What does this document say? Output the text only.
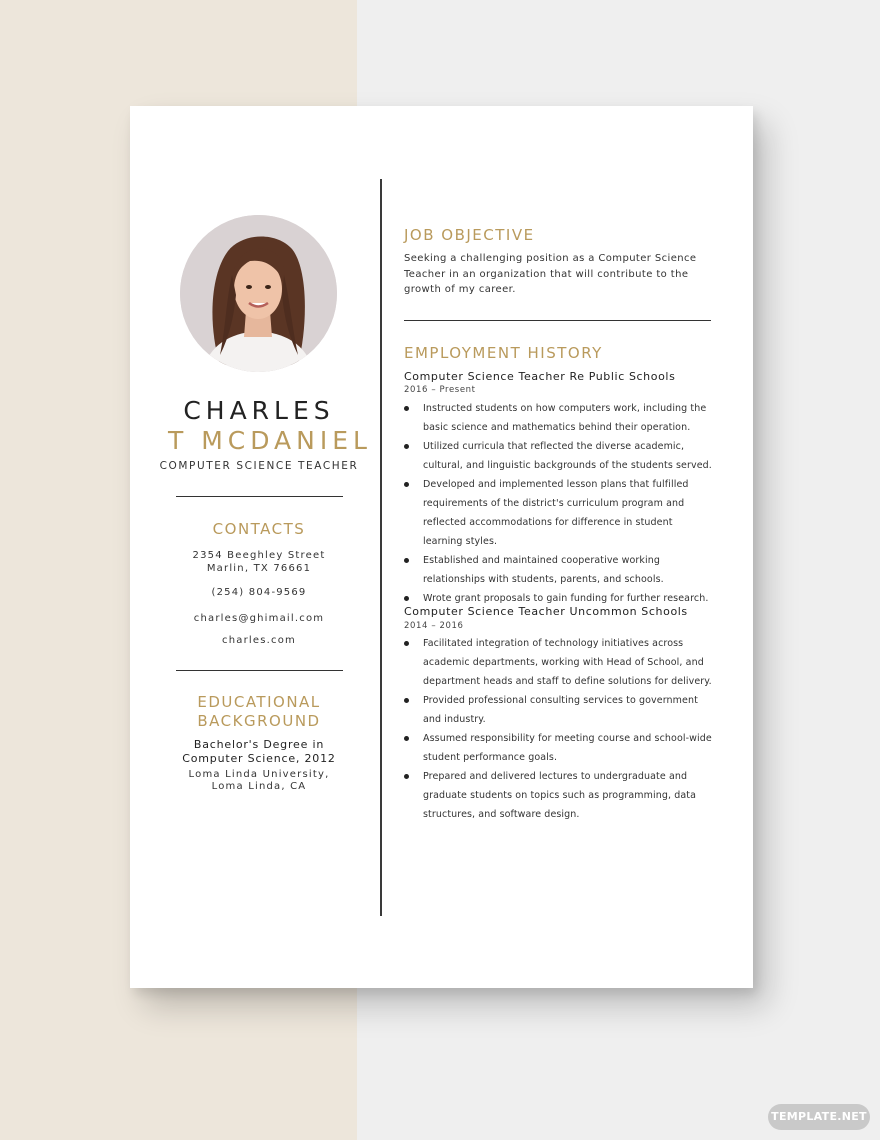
CHARLES
T MCDANIEL
COMPUTER SCIENCE TEACHER
CONTACTS
2354 Beeghley Street
Marlin, TX 76661
(254) 804-9569
charles@ghimail.com
charles.com
EDUCATIONAL
BACKGROUND
Bachelor's Degree in
Computer Science, 2012
Loma Linda University,
Loma Linda, CA
JOB OBJECTIVE
Seeking a challenging position as a Computer Science Teacher in an organization that will contribute to the growth of my career.
EMPLOYMENT HISTORY
Computer Science Teacher Re Public Schools
2016 – Present
Instructed students on how computers work, including the basic science and mathematics behind their operation.
Utilized curricula that reflected the diverse academic, cultural, and linguistic backgrounds of the students served.
Developed and implemented lesson plans that fulfilled requirements of the district's curriculum program and reflected accommodations for difference in student learning styles.
Established and maintained cooperative working relationships with students, parents, and schools.
Wrote grant proposals to gain funding for further research.
Computer Science Teacher Uncommon Schools
2014 – 2016
Facilitated integration of technology initiatives across academic departments, working with Head of School, and department heads and staff to define solutions for delivery.
Provided professional consulting services to government and industry.
Assumed responsibility for meeting course and school-wide student performance goals.
Prepared and delivered lectures to undergraduate and graduate students on topics such as programming, data structures, and software design.
TEMPLATE.NET
